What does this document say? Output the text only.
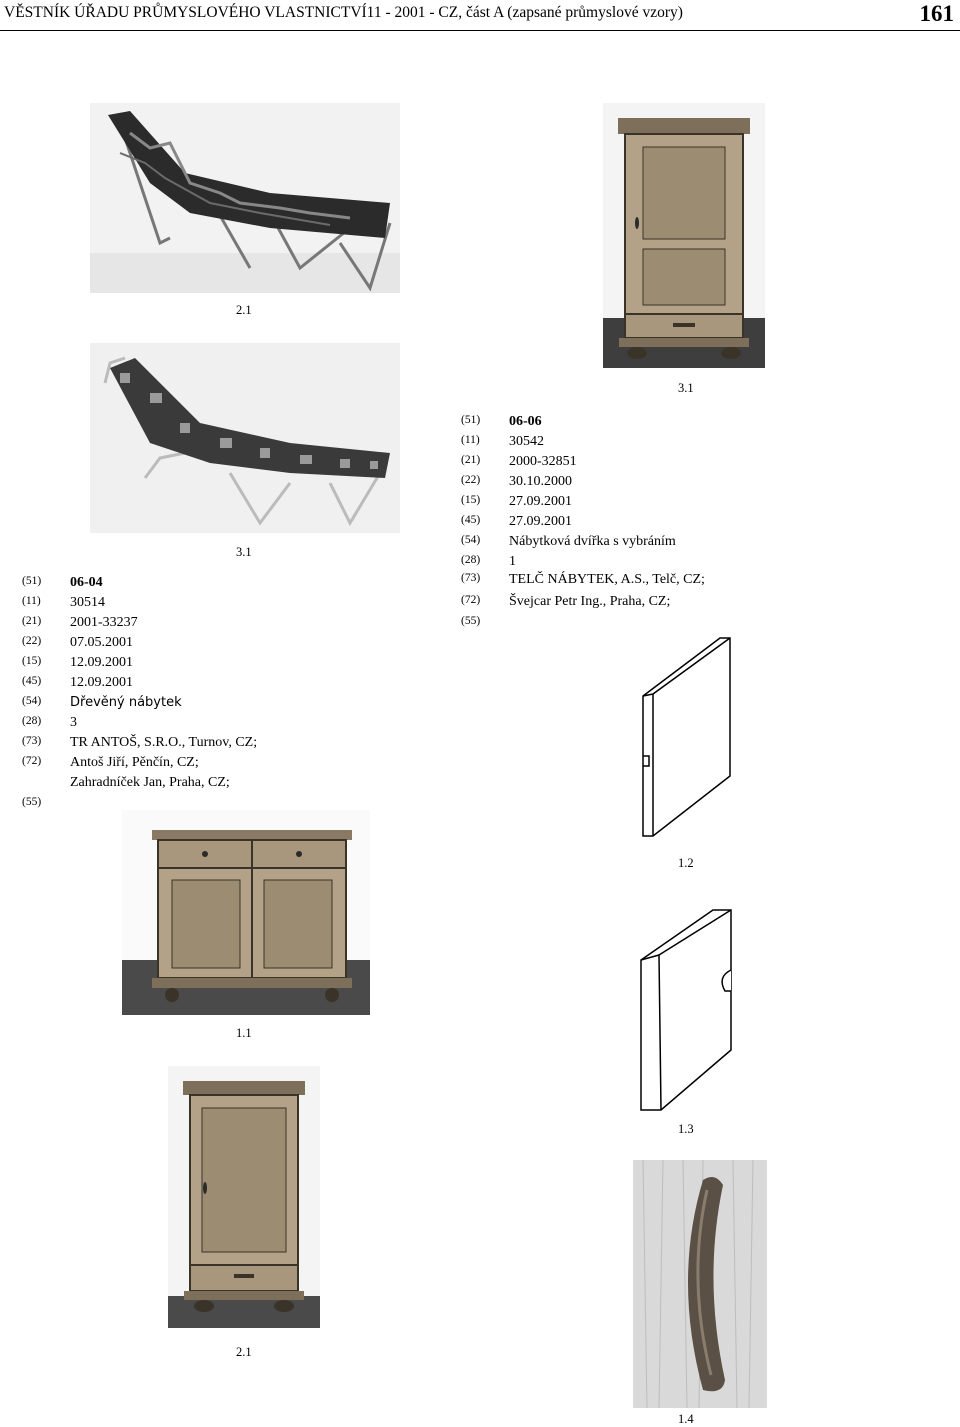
VĚSTNÍK ÚŘADU PRŮMYSLOVÉHO VLASTNICTVÍ11 - 2001 - CZ, část A (zapsané průmyslové vzory)	161
2.1
3.1
(51)	06-04
(11)	30514
(21)	2001-33237
(22)	07.05.2001
(15)	12.09.2001
(45)	12.09.2001
(54)	Dřevěný nábytek
(28)	3
(73)	TR ANTOŠ, S.R.O., Turnov, CZ;
(72)	Antoš Jiří, Pěnčín, CZ;
Zahradníček Jan, Praha, CZ;
(55)
1.1
2.1
3.1
(51)	06-06
(11)	30542
(21)	2000-32851
(22)	30.10.2000
(15)	27.09.2001
(45)	27.09.2001
(54)	Nábytková dvířka s vybráním
(28)	1
(73)	TELČ NÁBYTEK, A.S., Telč, CZ;
(72)	Švejcar Petr Ing., Praha, CZ;
(55)
1.2
1.3
1.4
